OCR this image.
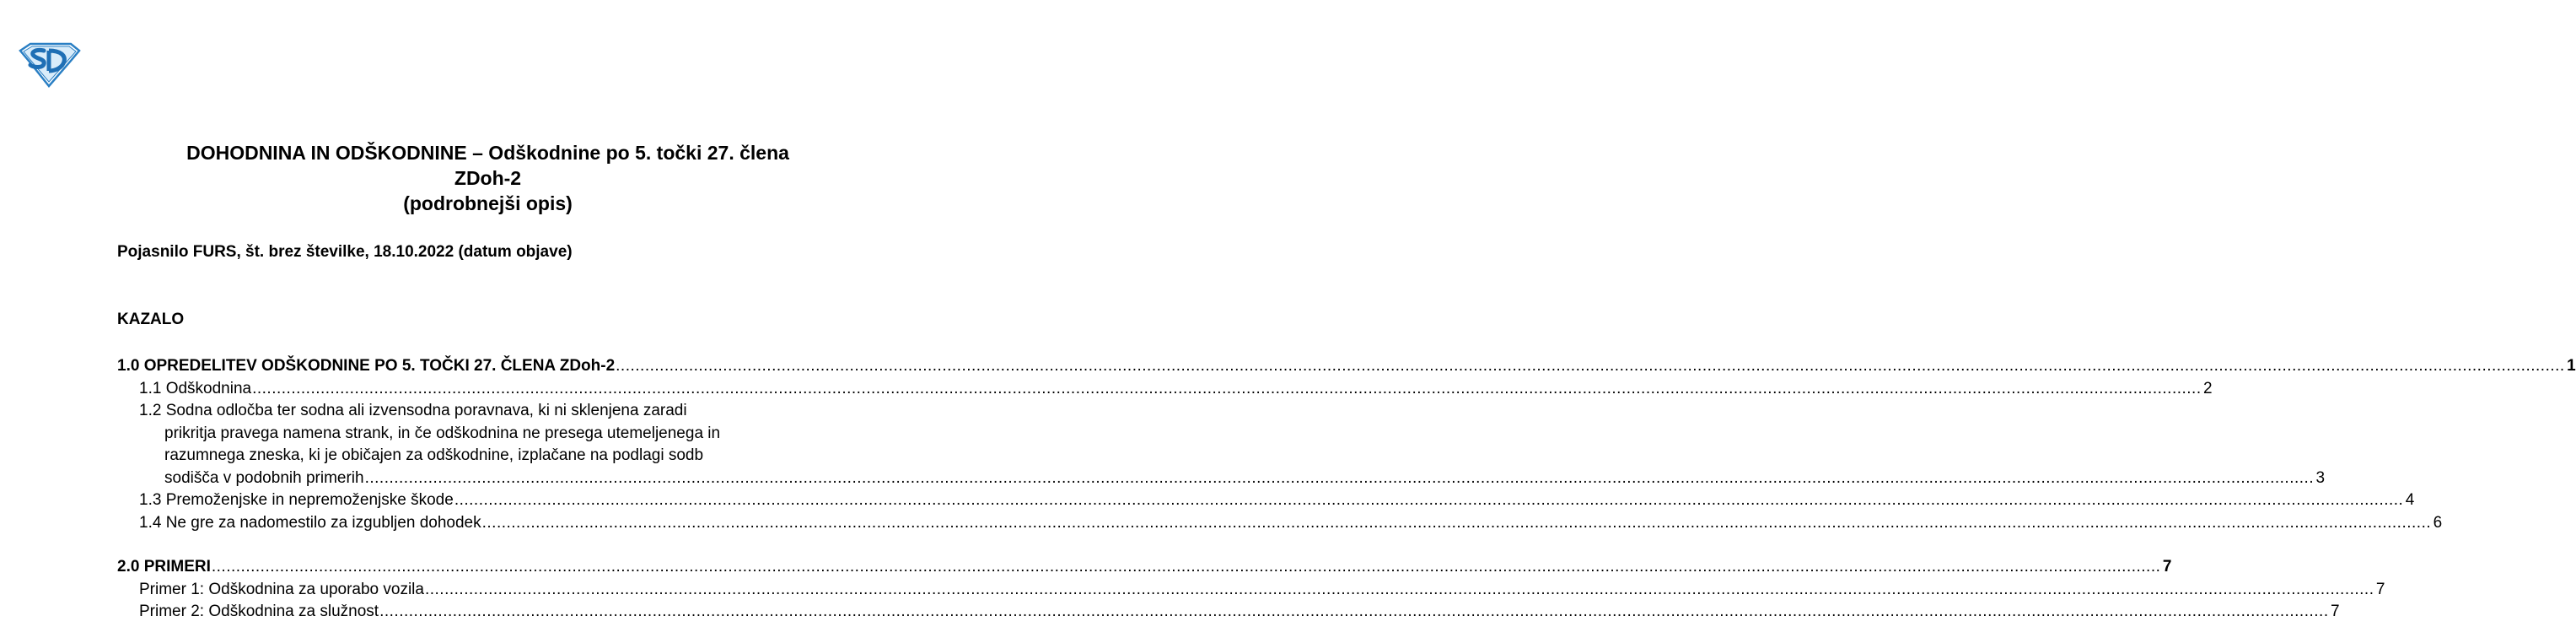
DOHODNINA IN ODŠKODNINE – Odškodnine po 5. točki 27. člena
ZDoh-2
(podrobnejši opis)
Pojasnilo FURS, št. brez številke, 18.10.2022 (datum objave)
KAZALO
1.0 OPREDELITEV ODŠKODNINE PO 5. TOČKI 27. ČLENA ZDoh-2 ................................................................................................................................................................................................................................................................................................................................................................................................................ 1
1.1 Odškodnina ................................................................................................................................................................................................................................................................................................................................................................................................................ 2
1.2 Sodna odločba ter sodna ali izvensodna poravnava, ki ni sklenjena zaradi
prikritja pravega namena strank, in če odškodnina ne presega utemeljenega in
razumnega zneska, ki je običajen za odškodnine, izplačane na podlagi sodb
sodišča v podobnih primerih ................................................................................................................................................................................................................................................................................................................................................................................................................ 3
1.3 Premoženjske in nepremoženjske škode ................................................................................................................................................................................................................................................................................................................................................................................................................ 4
1.4 Ne gre za nadomestilo za izgubljen dohodek ................................................................................................................................................................................................................................................................................................................................................................................................................ 6
2.0 PRIMERI ................................................................................................................................................................................................................................................................................................................................................................................................................ 7
Primer 1: Odškodnina za uporabo vozila ................................................................................................................................................................................................................................................................................................................................................................................................................ 7
Primer 2: Odškodnina za služnost ................................................................................................................................................................................................................................................................................................................................................................................................................ 7
